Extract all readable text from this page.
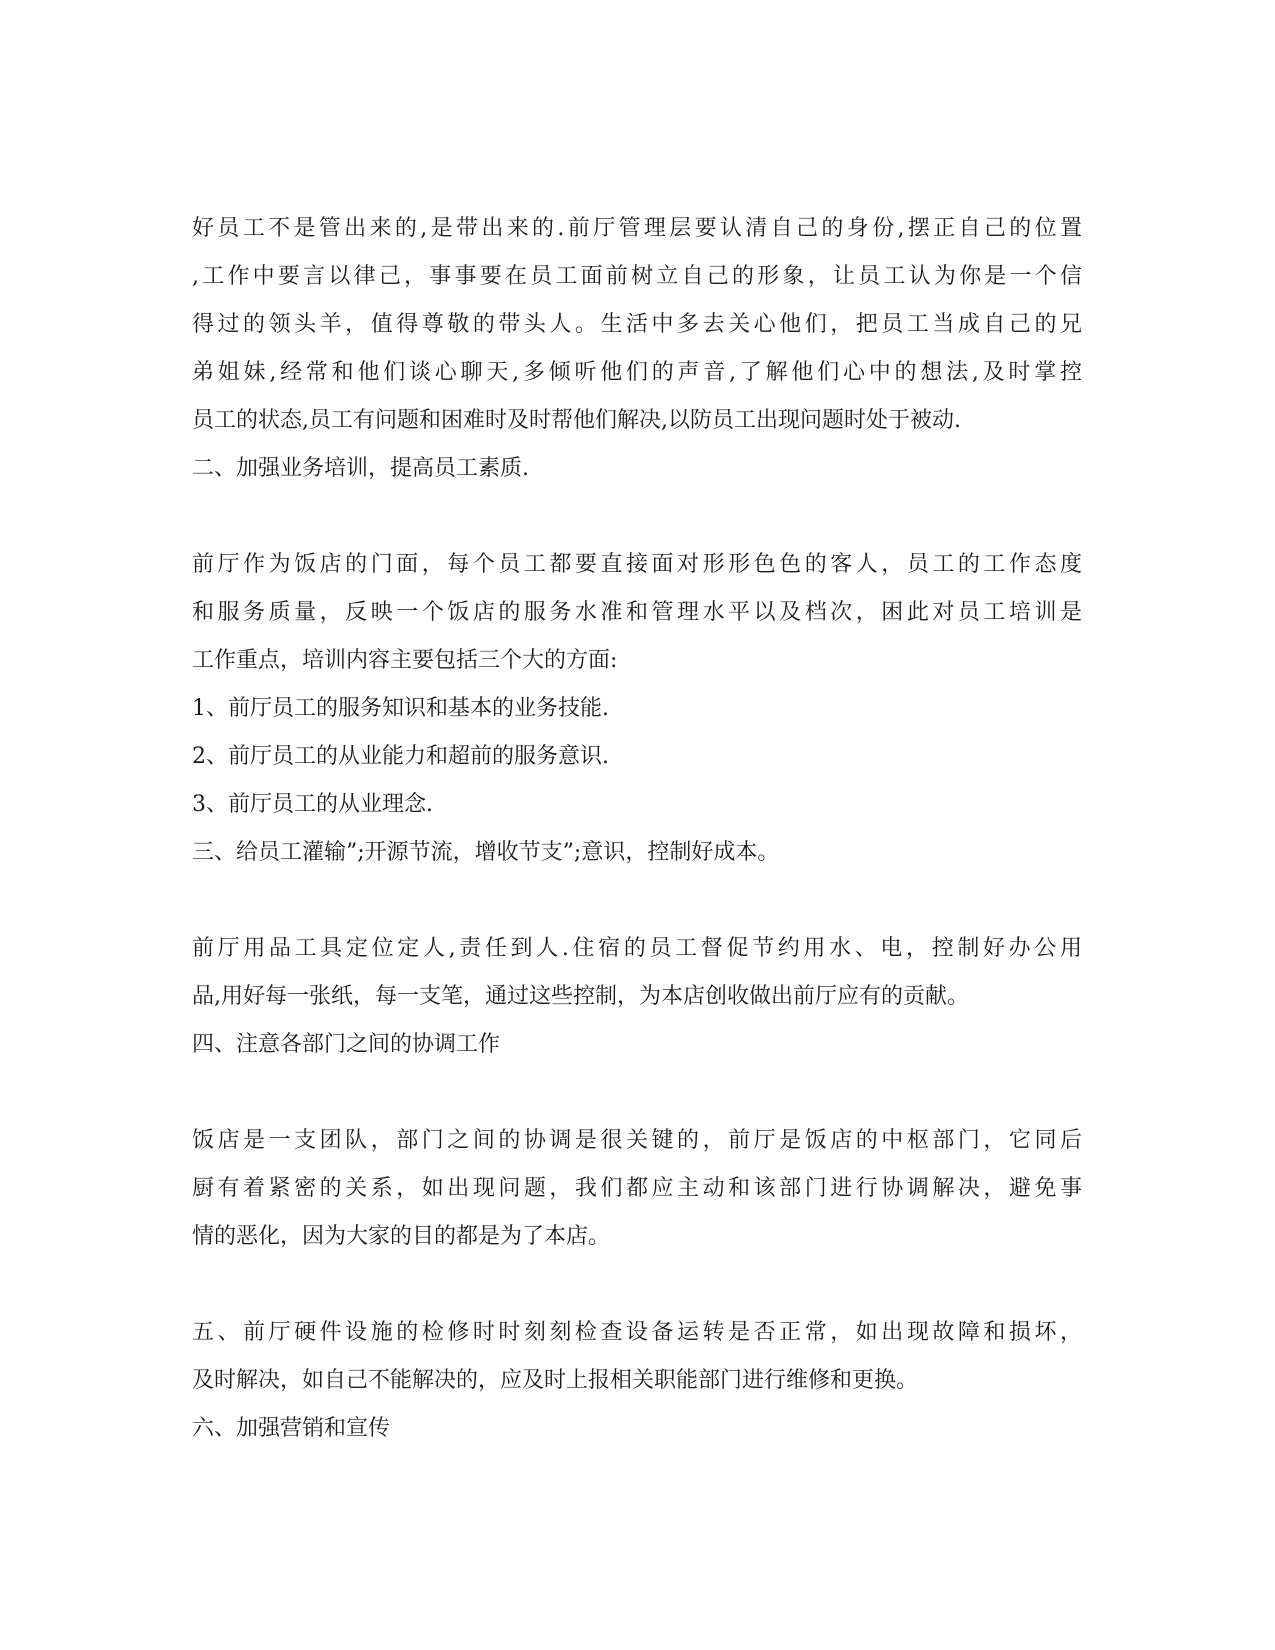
好员工不是管出来的,是带出来的.前厅管理层要认清自己的身份,摆正自己的位置
,工作中要言以律己，事事要在员工面前树立自己的形象，让员工认为你是一个信
得过的领头羊，值得尊敬的带头人。生活中多去关心他们，把员工当成自己的兄
弟姐妹,经常和他们谈心聊天,多倾听他们的声音,了解他们心中的想法,及时掌控
员工的状态,员工有问题和困难时及时帮他们解决,以防员工出现问题时处于被动.

二、加强业务培训，提高员工素质.

前厅作为饭店的门面，每个员工都要直接面对形形色色的客人，员工的工作态度
和服务质量，反映一个饭店的服务水准和管理水平以及档次，困此对员工培训是
工作重点，培训内容主要包括三个大的方面:

1、前厅员工的服务知识和基本的业务技能.

2、前厅员工的从业能力和超前的服务意识.

3、前厅员工的从业理念.

三、给员工灌输”;开源节流，增收节支”;意识，控制好成本。

前厅用品工具定位定人,责任到人.住宿的员工督促节约用水、电，控制好办公用
品,用好每一张纸，每一支笔，通过这些控制，为本店创收做出前厅应有的贡献。

四、注意各部门之间的协调工作

饭店是一支团队，部门之间的协调是很关键的，前厅是饭店的中枢部门，它同后
厨有着紧密的关系，如出现问题，我们都应主动和该部门进行协调解决，避免事
情的恶化，因为大家的目的都是为了本店。

五、前厅硬件设施的检修时时刻刻检查设备运转是否正常，如出现故障和损坏，
及时解决，如自己不能解决的，应及时上报相关职能部门进行维修和更换。

六、加强营销和宣传
